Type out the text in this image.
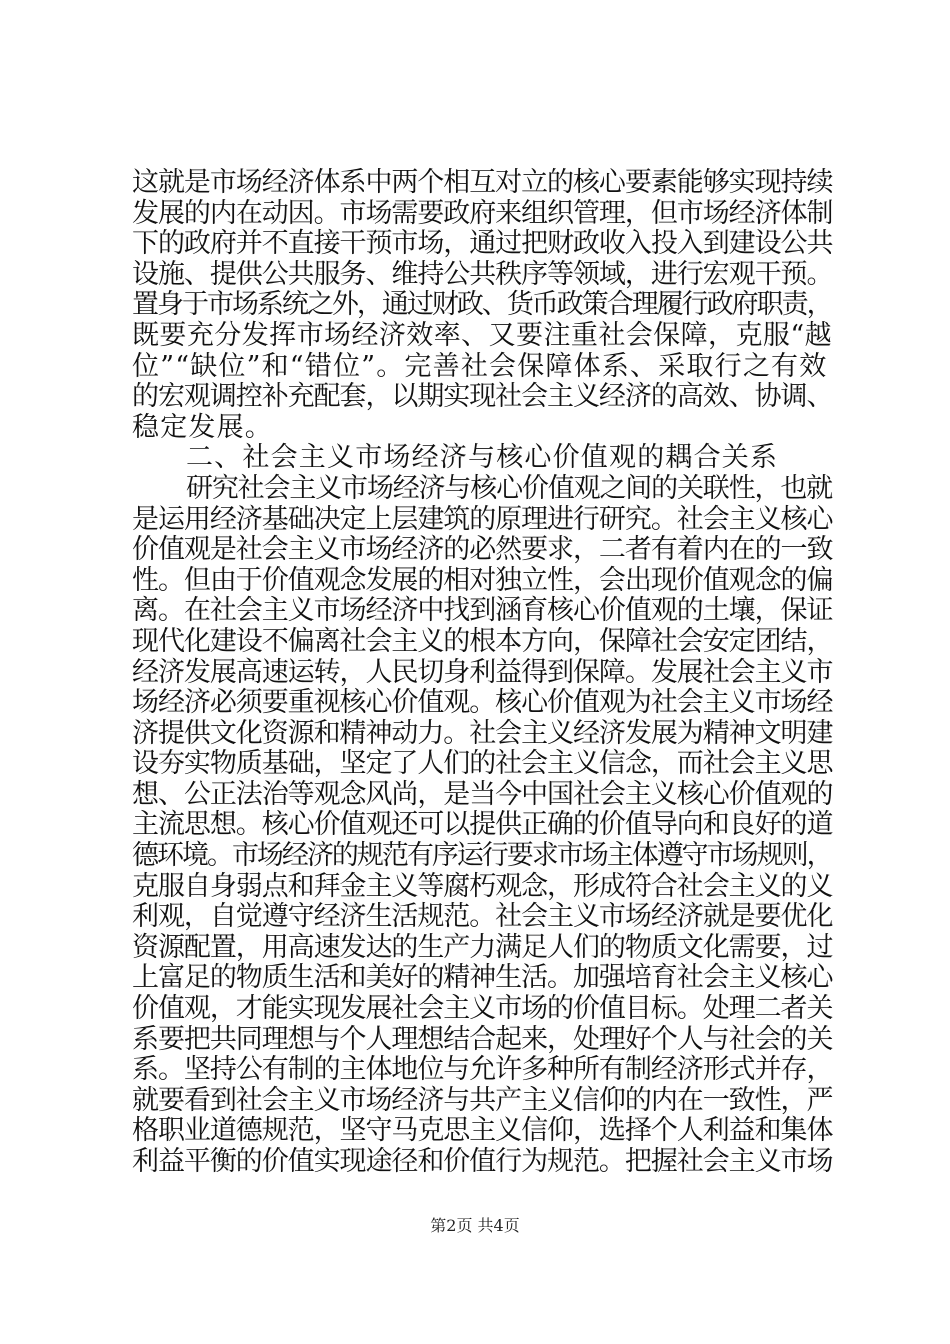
这就是市场经济体系中两个相互对立的核心要素能够实现持续
发展的内在动因。市场需要政府来组织管理，但市场经济体制
下的政府并不直接干预市场，通过把财政收入投入到建设公共
设施、提供公共服务、维持公共秩序等领域，进行宏观干预。
置身于市场系统之外，通过财政、货币政策合理履行政府职责，
既要充分发挥市场经济效率、又要注重社会保障，克服“越
位”“缺位”和“错位”。完善社会保障体系、采取行之有效
的宏观调控补充配套，以期实现社会主义经济的高效、协调、
稳定发展。
二、社会主义市场经济与核心价值观的耦合关系
研究社会主义市场经济与核心价值观之间的关联性，也就
是运用经济基础决定上层建筑的原理进行研究。社会主义核心
价值观是社会主义市场经济的必然要求，二者有着内在的一致
性。但由于价值观念发展的相对独立性，会出现价值观念的偏
离。在社会主义市场经济中找到涵育核心价值观的土壤，保证
现代化建设不偏离社会主义的根本方向，保障社会安定团结，
经济发展高速运转，人民切身利益得到保障。发展社会主义市
场经济必须要重视核心价值观。核心价值观为社会主义市场经
济提供文化资源和精神动力。社会主义经济发展为精神文明建
设夯实物质基础，坚定了人们的社会主义信念，而社会主义思
想、公正法治等观念风尚，是当今中国社会主义核心价值观的
主流思想。核心价值观还可以提供正确的价值导向和良好的道
德环境。市场经济的规范有序运行要求市场主体遵守市场规则，
克服自身弱点和拜金主义等腐朽观念，形成符合社会主义的义
利观，自觉遵守经济生活规范。社会主义市场经济就是要优化
资源配置，用高速发达的生产力满足人们的物质文化需要，过
上富足的物质生活和美好的精神生活。加强培育社会主义核心
价值观，才能实现发展社会主义市场的价值目标。处理二者关
系要把共同理想与个人理想结合起来，处理好个人与社会的关
系。坚持公有制的主体地位与允许多种所有制经济形式并存，
就要看到社会主义市场经济与共产主义信仰的内在一致性，严
格职业道德规范，坚守马克思主义信仰，选择个人利益和集体
利益平衡的价值实现途径和价值行为规范。把握社会主义市场
第2页 共4页
